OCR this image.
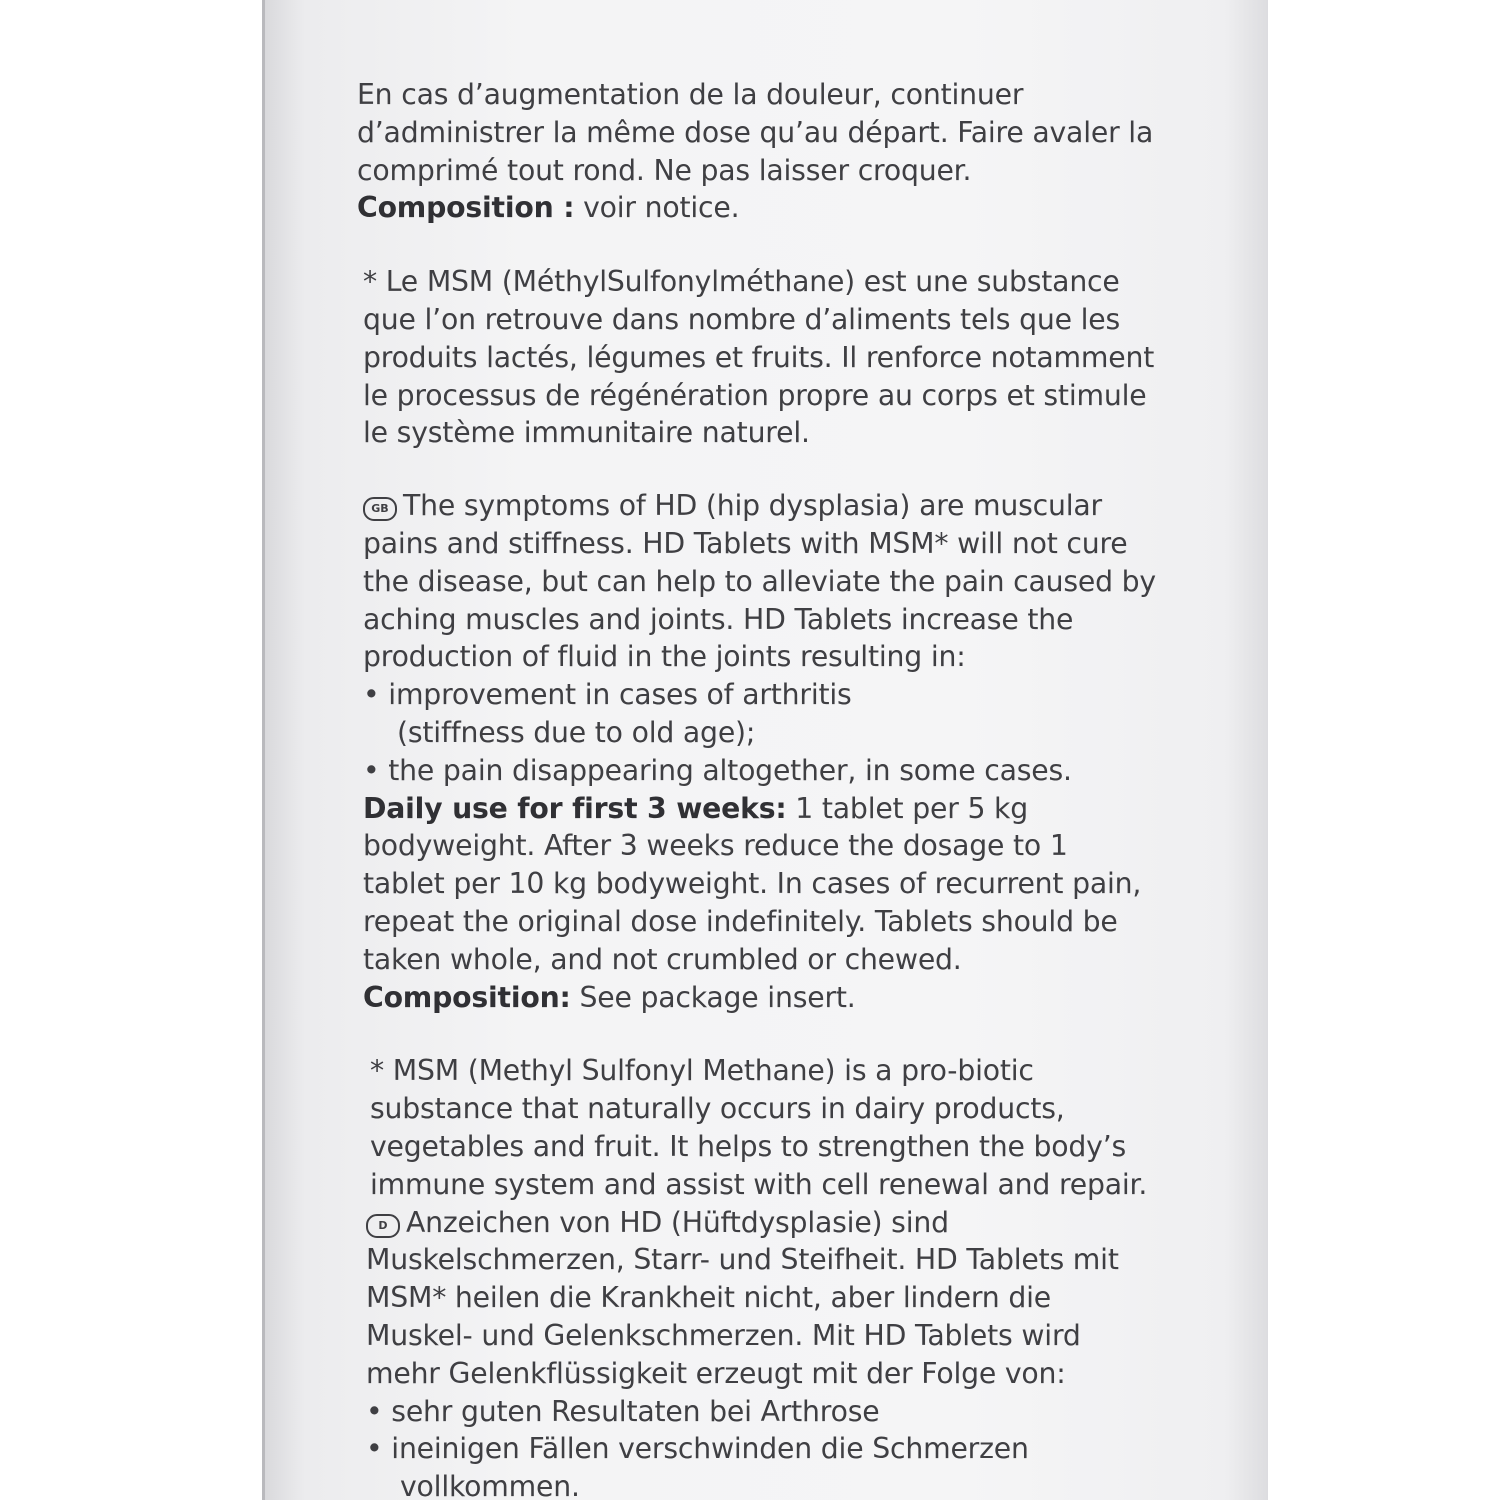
En cas d’augmentation de la douleur, continuer
d’administrer la même dose qu’au départ. Faire avaler la
comprimé tout rond. Ne pas laisser croquer.
Composition : voir notice.
* Le MSM (MéthylSulfonylméthane) est une substance
que l’on retrouve dans nombre d’aliments tels que les
produits lactés, légumes et fruits. Il renforce notamment
le processus de régénération propre au corps et stimule
le système immunitaire naturel.
GB The symptoms of HD (hip dysplasia) are muscular
pains and stiffness. HD Tablets with MSM* will not cure
the disease, but can help to alleviate the pain caused by
aching muscles and joints. HD Tablets increase the
production of fluid in the joints resulting in:
• improvement in cases of arthritis
(stiffness due to old age);
• the pain disappearing altogether, in some cases.
Daily use for first 3 weeks: 1 tablet per 5 kg
bodyweight. After 3 weeks reduce the dosage to 1
tablet per 10 kg bodyweight. In cases of recurrent pain,
repeat the original dose indefinitely. Tablets should be
taken whole, and not crumbled or chewed.
Composition: See package insert.
* MSM (Methyl Sulfonyl Methane) is a pro-biotic
substance that naturally occurs in dairy products,
vegetables and fruit. It helps to strengthen the body’s
immune system and assist with cell renewal and repair.
D Anzeichen von HD (Hüftdysplasie) sind
Muskelschmerzen, Starr- und Steifheit. HD Tablets mit
MSM* heilen die Krankheit nicht, aber lindern die
Muskel- und Gelenkschmerzen. Mit HD Tablets wird
mehr Gelenkflüssigkeit erzeugt mit der Folge von:
• sehr guten Resultaten bei Arthrose
• ineinigen Fällen verschwinden die Schmerzen
vollkommen.
